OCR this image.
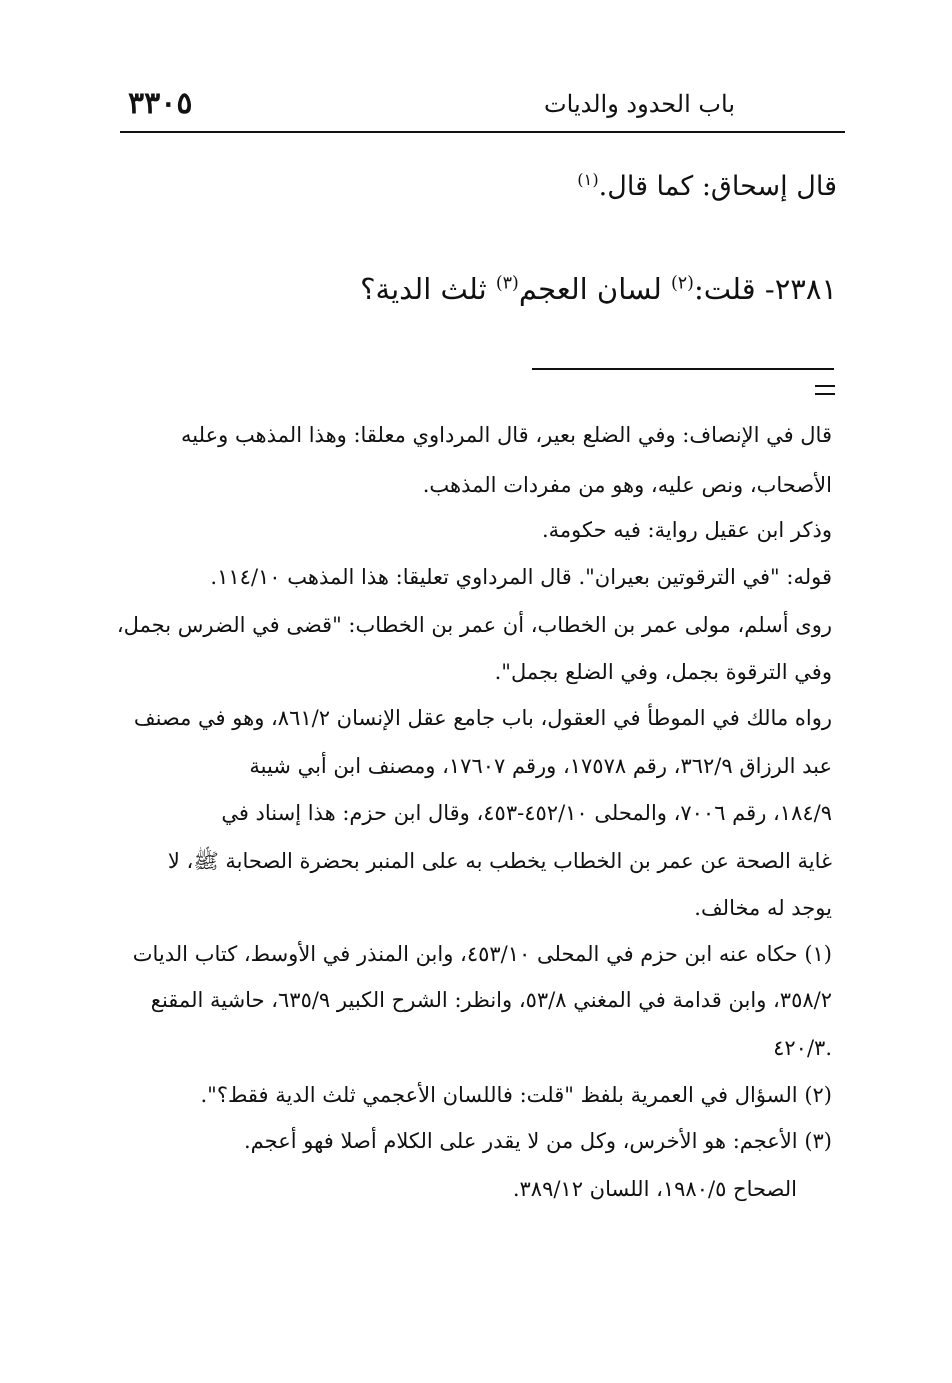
باب الحدود والديات
٣٣٠٥
قال إسحاق: كما قال.$^{(١)}$
٢٣٨١- قلت:$^{(٢)}$ لسان العجم$^{(٣)}$ ثلث الدية؟
قال في الإنصاف: وفي الضلع بعير، قال المرداوي معلقا: وهذا المذهب وعليه
الأصحاب، ونص عليه، وهو من مفردات المذهب.
وذكر ابن عقيل رواية: فيه حكومة.
قوله: "في الترقوتين بعيران". قال المرداوي تعليقا: هذا المذهب ١١٤/١٠.
روى أسلم، مولى عمر بن الخطاب، أن عمر بن الخطاب: "قضى في الضرس بجمل،
وفي الترقوة بجمل، وفي الضلع بجمل".
رواه مالك في الموطأ في العقول، باب جامع عقل الإنسان ٨٦١/٢، وهو في مصنف
عبد الرزاق ٣٦٢/٩، رقم ١٧٥٧٨، ورقم ١٧٦٠٧، ومصنف ابن أبي شيبة
١٨٤/٩، رقم ٧٠٠٦، والمحلى ٤٥٢/١٠-٤٥٣، وقال ابن حزم: هذا إسناد في
غاية الصحة عن عمر بن الخطاب يخطب به على المنبر بحضرة الصحابة ﷺ، لا
يوجد له مخالف.
(١) حكاه عنه ابن حزم في المحلى ٤٥٣/١٠، وابن المنذر في الأوسط، كتاب الديات
٣٥٨/٢، وابن قدامة في المغني ٥٣/٨، وانظر: الشرح الكبير ٦٣٥/٩، حاشية المقنع
٤٢٠/٣.
(٢) السؤال في العمرية بلفظ "قلت: فاللسان الأعجمي ثلث الدية فقط؟".
(٣) الأعجم: هو الأخرس، وكل من لا يقدر على الكلام أصلا فهو أعجم.
الصحاح ١٩٨٠/٥، اللسان ٣٨٩/١٢.
